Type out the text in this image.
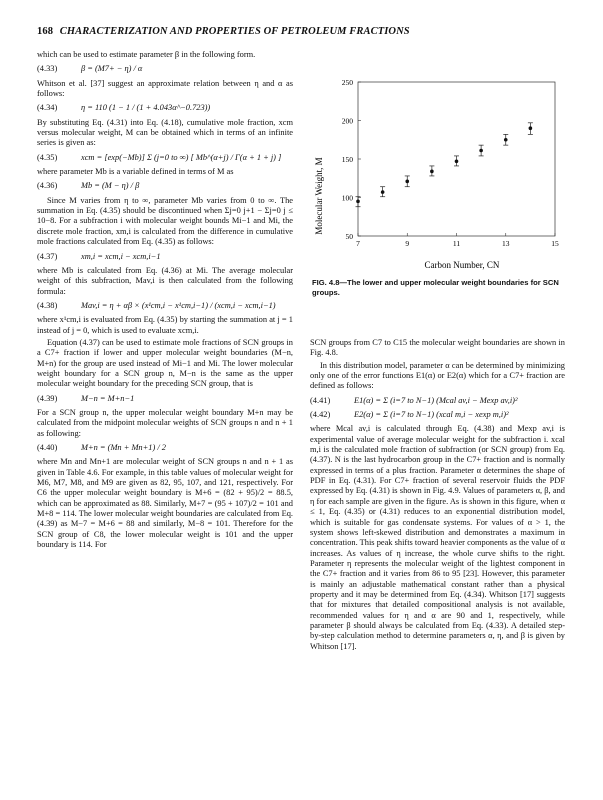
168 CHARACTERIZATION AND PROPERTIES OF PETROLEUM FRACTIONS

which can be used to estimate parameter β in the following form.

(4.33)	β = (M7+ − η) / α

Whitson et al. [37] suggest an approximate relation between η and α as follows:

(4.34)	η = 110 (1 − 1 / (1 + 4.043α^−0.723))

By substituting Eq. (4.31) into Eq. (4.18), cumulative mole fraction, xcm versus molecular weight, M can be obtained which in terms of an infinite series is given as:

(4.35)	xcm = [exp(−Mb)] Σ (j=0 to ∞) [ Mb^(α+j) / Γ(α + 1 + j) ]

where parameter Mb is a variable defined in terms of M as

(4.36)	Mb = (M − η) / β

Since M varies from η to ∞, parameter Mb varies from 0 to ∞. The summation in Eq. (4.35) should be discontinued when Σj=0 j+1 − Σj=0 j ≤ 10−8. For a subfraction i with molecular weight bounds Mi−1 and Mi, the discrete mole fraction, xm,i is calculated from the difference in cumulative mole fractions calculated from Eq. (4.35) as follows:

(4.37)	xm,i = xcm,i − xcm,i−1

where Mb is calculated from Eq. (4.36) at Mi. The average molecular weight of this subfraction, Mav,i is then calculated from the following formula:

(4.38)	Mav,i = η + αβ × (x¹cm,i − x¹cm,i−1) / (xcm,i − xcm,i−1)

where x¹cm,i is evaluated from Eq. (4.35) by starting the summation at j = 1 instead of j = 0, which is used to evaluate xcm,i.

Equation (4.37) can be used to estimate mole fractions of SCN groups in a C7+ fraction if lower and upper molecular weight boundaries (M−n, M+n) for the group are used instead of Mi−1 and Mi. The lower molecular weight boundary for a SCN group n, M−n is the same as the upper molecular weight boundary for the preceding SCN group, that is

(4.39)	M−n = M+n−1

For a SCN group n, the upper molecular weight boundary M+n may be calculated from the midpoint molecular weights of SCN groups n and n + 1 as following:

(4.40)	M+n = (Mn + Mn+1) / 2

where Mn and Mn+1 are molecular weight of SCN groups n and n + 1 as given in Table 4.6. For example, in this table values of molecular weight for M6, M7, M8, and M9 are given as 82, 95, 107, and 121, respectively. For C6 the upper molecular weight boundary is M+6 = (82 + 95)/2 = 88.5, which can be approximated as 88. Similarly, M+7 = (95 + 107)/2 = 101 and M+8 = 114. The lower molecular weight boundaries are calculated from Eq. (4.39) as M−7 = M+6 = 88 and similarly, M−8 = 101. Therefore for the SCN group of C8, the lower molecular weight is 101 and the upper boundary is 114. For

Molecular Weight, M
Carbon Number, CN
50
100
150
200
250
7	9	11	13	15
FIG. 4.8—The lower and upper molecular weight boundaries for SCN groups.

SCN groups from C7 to C15 the molecular weight boundaries are shown in Fig. 4.8.

In this distribution model, parameter α can be determined by minimizing only one of the error functions E1(α) or E2(α) which for a C7+ fraction are defined as follows:

(4.41)	E1(α) = Σ (i=7 to N−1) (Mcal av,i − Mexp av,i)²
(4.42)	E2(α) = Σ (i=7 to N−1) (xcal m,i − xexp m,i)²

where Mcal av,i is calculated through Eq. (4.38) and Mexp av,i is experimental value of average molecular weight for the subfraction i. xcal m,i is the calculated mole fraction of subfraction (or SCN group) from Eq. (4.37). N is the last hydrocarbon group in the C7+ fraction and is normally expressed in terms of a plus fraction. Parameter α determines the shape of PDF in Eq. (4.31). For C7+ fraction of several reservoir fluids the PDF expressed by Eq. (4.31) is shown in Fig. 4.9. Values of parameters α, β, and η for each sample are given in the figure. As is shown in this figure, when α ≤ 1, Eq. (4.35) or (4.31) reduces to an exponential distribution model, which is suitable for gas condensate systems. For values of α > 1, the system shows left-skewed distribution and demonstrates a maximum in concentration. This peak shifts toward heavier components as the value of α increases. As values of η increase, the whole curve shifts to the right. Parameter η represents the molecular weight of the lightest component in the C7+ fraction and it varies from 86 to 95 [23]. However, this parameter is mainly an adjustable mathematical constant rather than a physical property and it may be determined from Eq. (4.34). Whitson [17] suggests that for mixtures that detailed compositional analysis is not available, recommended values for η and α are 90 and 1, respectively, while parameter β should always be calculated from Eq. (4.33). A detailed step-by-step calculation method to determine parameters α, η, and β is given by Whitson [17].
